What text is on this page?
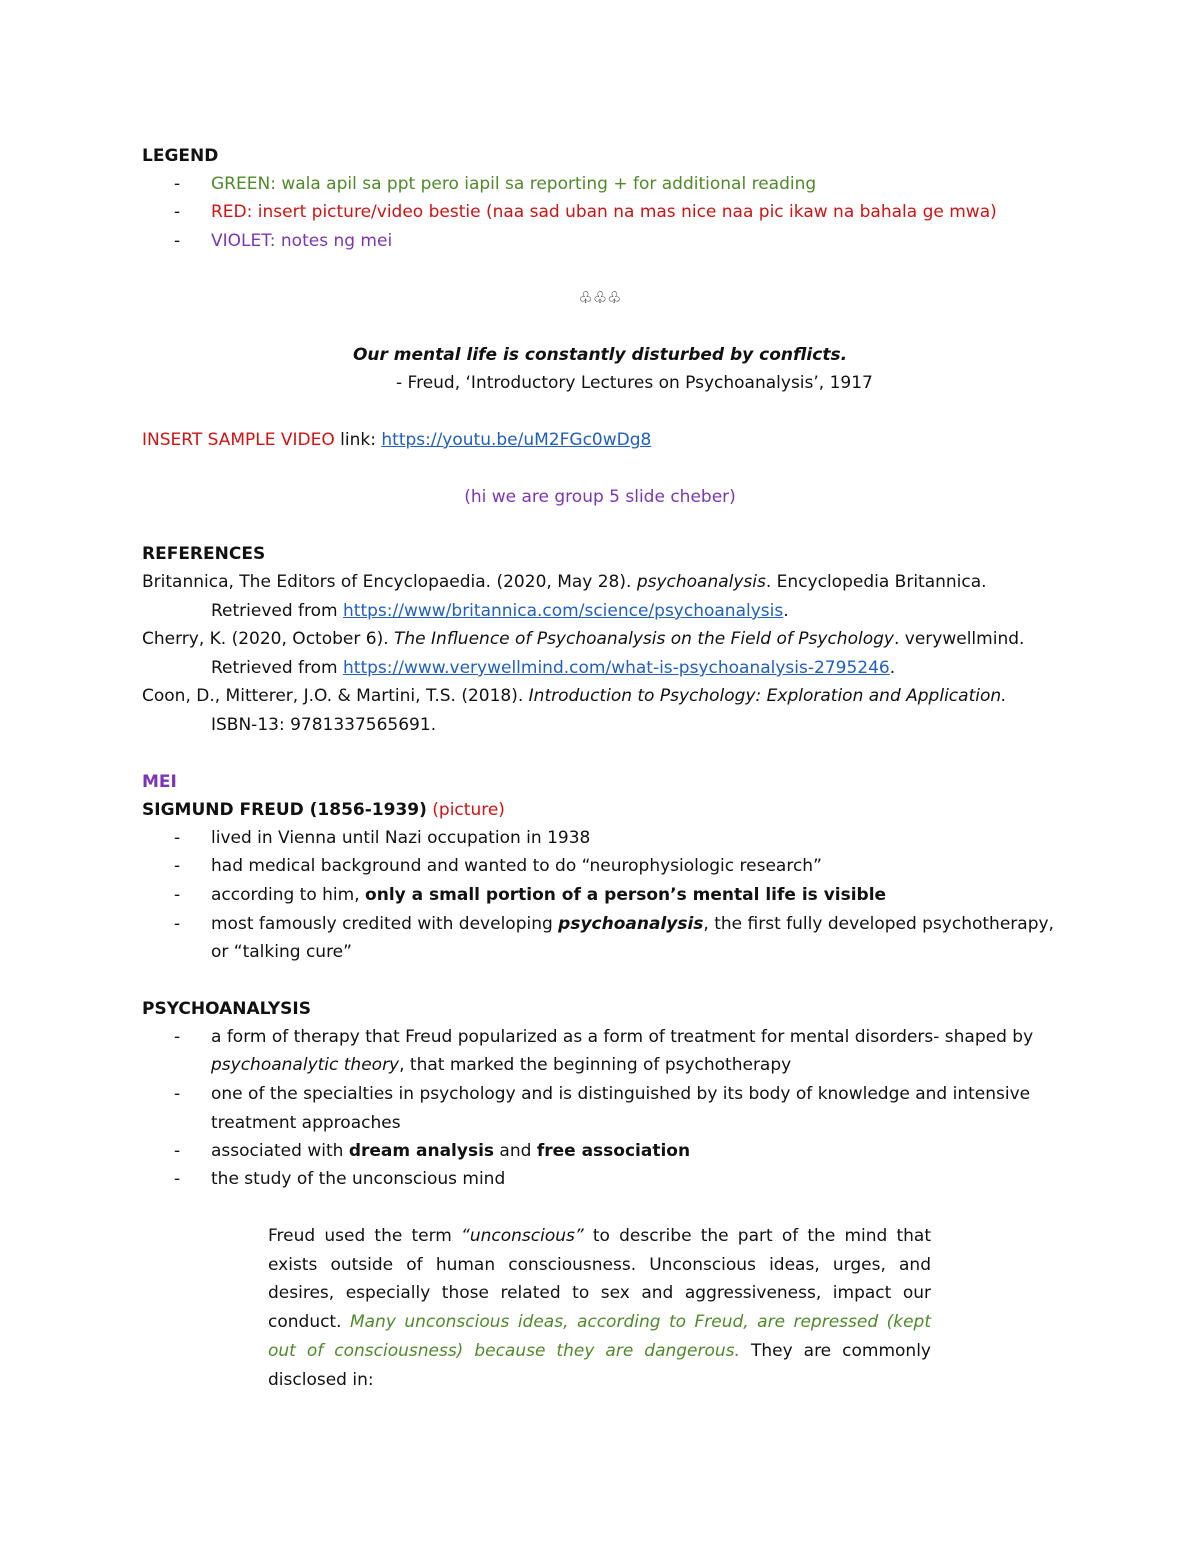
LEGEND

- GREEN: wala apil sa ppt pero iapil sa reporting + for additional reading

- RED: insert picture/video bestie (naa sad uban na mas nice naa pic ikaw na bahala ge mwa)

- VIOLET: notes ng mei

♧♧♧

Our mental life is constantly disturbed by conflicts.

- Freud, ‘Introductory Lectures on Psychoanalysis’, 1917

INSERT SAMPLE VIDEO link: https://youtu.be/uM2FGc0wDg8

(hi we are group 5 slide cheber)

REFERENCES

Britannica, The Editors of Encyclopaedia. (2020, May 28). psychoanalysis. Encyclopedia Britannica.

Retrieved from https://www/britannica.com/science/psychoanalysis.

Cherry, K. (2020, October 6). The Influence of Psychoanalysis on the Field of Psychology. verywellmind.

Retrieved from https://www.verywellmind.com/what-is-psychoanalysis-2795246.

Coon, D., Mitterer, J.O. & Martini, T.S. (2018). Introduction to Psychology: Exploration and Application.

ISBN-13: 9781337565691.

MEI

SIGMUND FREUD (1856-1939) (picture)

- lived in Vienna until Nazi occupation in 1938

- had medical background and wanted to do “neurophysiologic research”

- according to him, only a small portion of a person’s mental life is visible

- most famously credited with developing psychoanalysis, the first fully developed psychotherapy,

or “talking cure”

PSYCHOANALYSIS

- a form of therapy that Freud popularized as a form of treatment for mental disorders- shaped by

psychoanalytic theory, that marked the beginning of psychotherapy

- one of the specialties in psychology and is distinguished by its body of knowledge and intensive

treatment approaches

- associated with dream analysis and free association

- the study of the unconscious mind

Freud used the term “unconscious” to describe the part of the mind that exists outside of human consciousness. Unconscious ideas, urges, and desires, especially those related to sex and aggressiveness, impact our conduct. Many unconscious ideas, according to Freud, are repressed (kept out of consciousness) because they are dangerous. They are commonly disclosed in:
